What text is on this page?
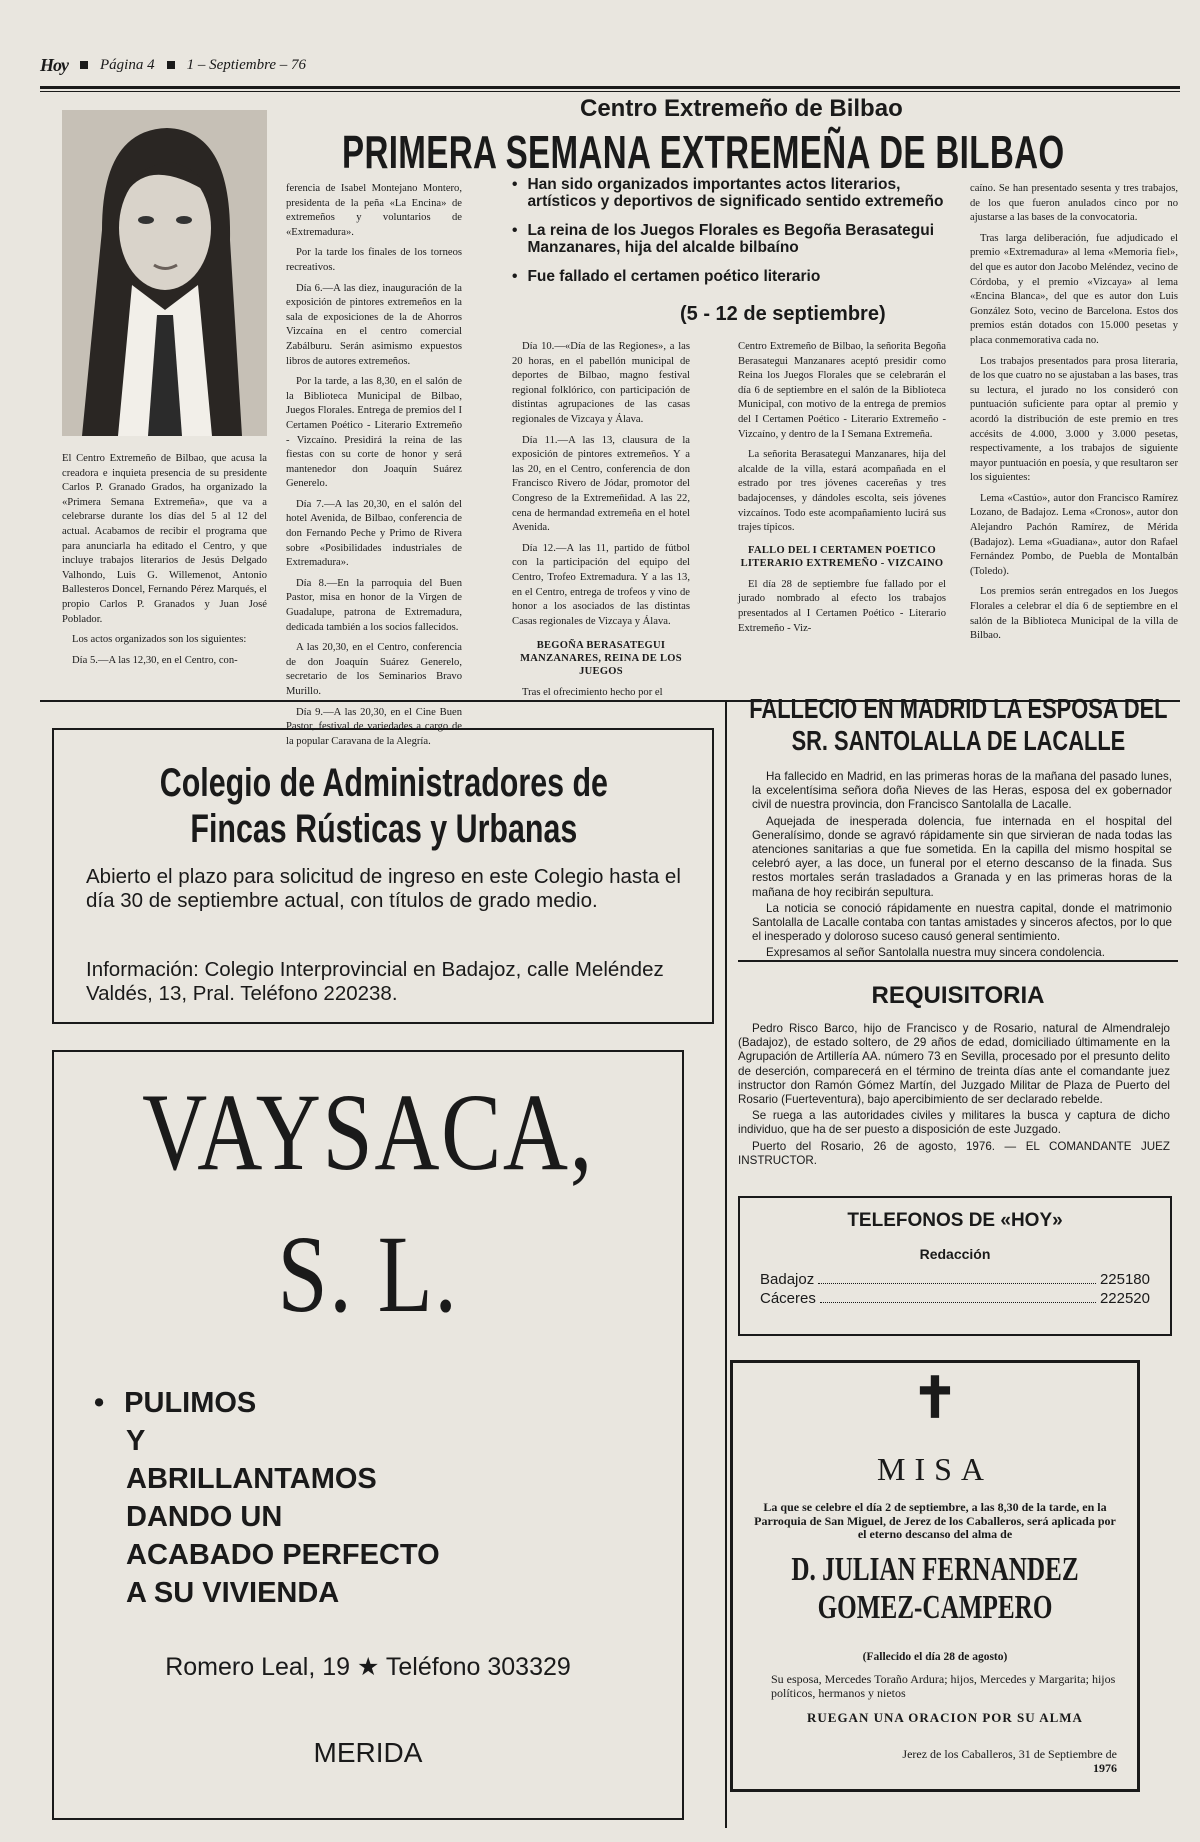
Hoy Página 4 1 – Septiembre – 76
Centro Extremeño de Bilbao
PRIMERA SEMANA EXTREMEÑA DE BILBAO

El Centro Extremeño de Bilbao, que acusa la creadora e inquieta presencia de su presidente Carlos P. Granado Grados, ha organizado la «Primera Semana Extremeña», que va a celebrarse durante los días del 5 al 12 del actual. Acabamos de recibir el programa que para anunciarla ha editado el Centro, y que incluye trabajos literarios de Jesús Delgado Valhondo, Luis G. Willemenot, Antonio Ballesteros Doncel, Fernando Pérez Marqués, el propio Carlos P. Granados y Juan José Poblador.

Los actos organizados son los siguientes:

Día 5.—A las 12,30, en el Centro, con-

ferencia de Isabel Montejano Montero, presidenta de la peña «La Encina» de extremeños y voluntarios de «Extremadura».

Por la tarde los finales de los torneos recreativos.

Día 6.—A las diez, inauguración de la exposición de pintores extremeños en la sala de exposiciones de la de Ahorros Vizcaína en el centro comercial Zabálburu. Serán asimismo expuestos libros de autores extremeños.

Por la tarde, a las 8,30, en el salón de la Biblioteca Municipal de Bilbao, Juegos Florales. Entrega de premios del I Certamen Poético - Literario Extremeño - Vizcaíno. Presidirá la reina de las fiestas con su corte de honor y será mantenedor don Joaquín Suárez Generelo.

Día 7.—A las 20,30, en el salón del hotel Avenida, de Bilbao, conferencia de don Fernando Peche y Primo de Rivera sobre «Posibilidades industriales de Extremadura».

Día 8.—En la parroquia del Buen Pastor, misa en honor de la Virgen de Guadalupe, patrona de Extremadura, dedicada también a los socios fallecidos.

A las 20,30, en el Centro, conferencia de don Joaquín Suárez Generelo, secretario de los Seminarios Bravo Murillo.

Día 9.—A las 20,30, en el Cine Buen Pastor, festival de variedades a cargo de la popular Caravana de la Alegría.

• Han sido organizados importantes actos literarios, artísticos y deportivos de significado sentido extremeño
• La reina de los Juegos Florales es Begoña Berasategui Manzanares, hija del alcalde bilbaíno
• Fue fallado el certamen poético literario
(5 - 12 de septiembre)

Día 10.—«Día de las Regiones», a las 20 horas, en el pabellón municipal de deportes de Bilbao, magno festival regional folklórico, con participación de distintas agrupaciones de las casas regionales de Vizcaya y Álava.

Día 11.—A las 13, clausura de la exposición de pintores extremeños. Y a las 20, en el Centro, conferencia de don Francisco Rivero de Jódar, promotor del Congreso de la Extremeñidad. A las 22, cena de hermandad extremeña en el hotel Avenida.

Día 12.—A las 11, partido de fútbol con la participación del equipo del Centro, Trofeo Extremadura. Y a las 13, en el Centro, entrega de trofeos y vino de honor a los asociados de las distintas Casas regionales de Vizcaya y Álava.

BEGOÑA BERASATEGUI MANZANARES, REINA DE LOS JUEGOS

Tras el ofrecimiento hecho por el

Centro Extremeño de Bilbao, la señorita Begoña Berasategui Manzanares aceptó presidir como Reina los Juegos Florales que se celebrarán el día 6 de septiembre en el salón de la Biblioteca Municipal, con motivo de la entrega de premios del I Certamen Poético - Literario Extremeño - Vizcaíno, y dentro de la I Semana Extremeña.

La señorita Berasategui Manzanares, hija del alcalde de la villa, estará acompañada en el estrado por tres jóvenes cacereñas y tres badajocenses, y dándoles escolta, seis jóvenes vizcaínos. Todo este acompañamiento lucirá sus trajes típicos.

FALLO DEL I CERTAMEN POETICO LITERARIO EXTREMEÑO - VIZCAINO

El día 28 de septiembre fue fallado por el jurado nombrado al efecto los trabajos presentados al I Certamen Poético - Literario Extremeño - Viz-

caíno. Se han presentado sesenta y tres trabajos, de los que fueron anulados cinco por no ajustarse a las bases de la convocatoria.

Tras larga deliberación, fue adjudicado el premio «Extremadura» al lema «Memoria fiel», del que es autor don Jacobo Meléndez, vecino de Córdoba, y el premio «Vizcaya» al lema «Encina Blanca», del que es autor don Luis González Soto, vecino de Barcelona. Estos dos premios están dotados con 15.000 pesetas y placa conmemorativa cada no.

Los trabajos presentados para prosa literaria, de los que cuatro no se ajustaban a las bases, tras su lectura, el jurado no los consideró con puntuación suficiente para optar al premio y acordó la distribución de este premio en tres accésits de 4.000, 3.000 y 3.000 pesetas, respectivamente, a los trabajos de siguiente mayor puntuación en poesía, y que resultaron ser los siguientes:

Lema «Castúo», autor don Francisco Ramírez Lozano, de Badajoz. Lema «Cronos», autor don Alejandro Pachón Ramírez, de Mérida (Badajoz). Lema «Guadiana», autor don Rafael Fernández Pombo, de Puebla de Montalbán (Toledo).

Los premios serán entregados en los Juegos Florales a celebrar el día 6 de septiembre en el salón de la Biblioteca Municipal de la villa de Bilbao.

Colegio de Administradores de
Fincas Rústicas y Urbanas
Abierto el plazo para solicitud de ingreso en este Colegio hasta el día 30 de septiembre actual, con títulos de grado medio.
Información: Colegio Interprovincial en Badajoz, calle Meléndez Valdés, 13, Pral. Teléfono 220238.
VAYSACA,
S. L.
• PULIMOS
Y
ABRILLANTAMOS
DANDO UN
ACABADO PERFECTO
A SU VIVIENDA
Romero Leal, 19 ★ Teléfono 303329
MERIDA
FALLECIO EN MADRID LA ESPOSA DEL
SR. SANTOLALLA DE LACALLE

Ha fallecido en Madrid, en las primeras horas de la mañana del pasado lunes, la excelentísima señora doña Nieves de las Heras, esposa del ex gobernador civil de nuestra provincia, don Francisco Santolalla de Lacalle.

Aquejada de inesperada dolencia, fue internada en el hospital del Generalísimo, donde se agravó rápidamente sin que sirvieran de nada todas las atenciones sanitarias a que fue sometida. En la capilla del mismo hospital se celebró ayer, a las doce, un funeral por el eterno descanso de la finada. Sus restos mortales serán trasladados a Granada y en las primeras horas de la mañana de hoy recibirán sepultura.

La noticia se conoció rápidamente en nuestra capital, donde el matrimonio Santolalla de Lacalle contaba con tantas amistades y sinceros afectos, por lo que el inesperado y doloroso suceso causó general sentimiento.

Expresamos al señor Santolalla nuestra muy sincera condolencia.

REQUISITORIA

Pedro Risco Barco, hijo de Francisco y de Rosario, natural de Almendralejo (Badajoz), de estado soltero, de 29 años de edad, domiciliado últimamente en la Agrupación de Artillería AA. número 73 en Sevilla, procesado por el presunto delito de deserción, comparecerá en el término de treinta días ante el comandante juez instructor don Ramón Gómez Martín, del Juzgado Militar de Plaza de Puerto del Rosario (Fuerteventura), bajo apercibimiento de ser declarado rebelde.

Se ruega a las autoridades civiles y militares la busca y captura de dicho individuo, que ha de ser puesto a disposición de este Juzgado.

Puerto del Rosario, 26 de agosto, 1976. — EL COMANDANTE JUEZ INSTRUCTOR.

TELEFONOS DE «HOY»
Redacción
Badajoz	225180
Cáceres	222520
✝
MISA
La que se celebre el día 2 de septiembre, a las 8,30 de la tarde, en la Parroquia de San Miguel, de Jerez de los Caballeros, será aplicada por el eterno descanso del alma de
D. JULIAN FERNANDEZ
GOMEZ-CAMPERO
(Fallecido el día 28 de agosto)
Su esposa, Mercedes Toraño Ardura; hijos, Mercedes y Margarita; hijos políticos, hermanos y nietos
RUEGAN UNA ORACION POR SU ALMA
Jerez de los Caballeros, 31 de Septiembre de
1976
